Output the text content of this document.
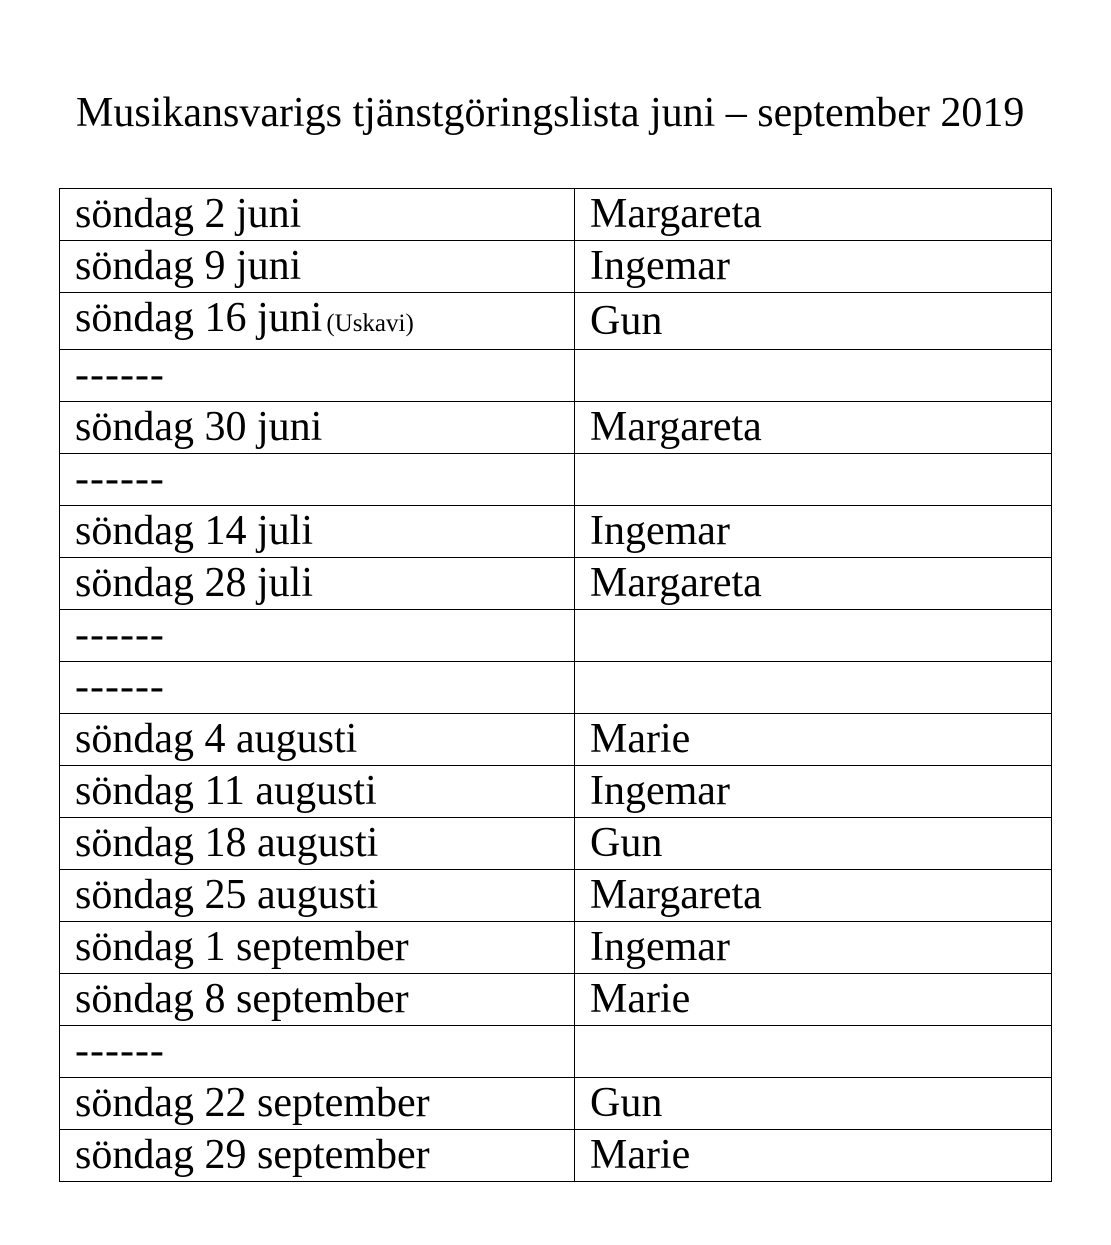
Musikansvarigs tjänstgöringslista juni – september 2019
söndag 2 juni	Margareta
söndag 9 juni	Ingemar
söndag 16 juni (Uskavi)	Gun
------	
söndag 30 juni	Margareta
------	
söndag 14 juli	Ingemar
söndag 28 juli	Margareta
------	
------	
söndag 4 augusti	Marie
söndag 11 augusti	Ingemar
söndag 18 augusti	Gun
söndag 25 augusti	Margareta
söndag 1 september	Ingemar
söndag 8 september	Marie
------	
söndag 22 september	Gun
söndag 29 september	Marie
